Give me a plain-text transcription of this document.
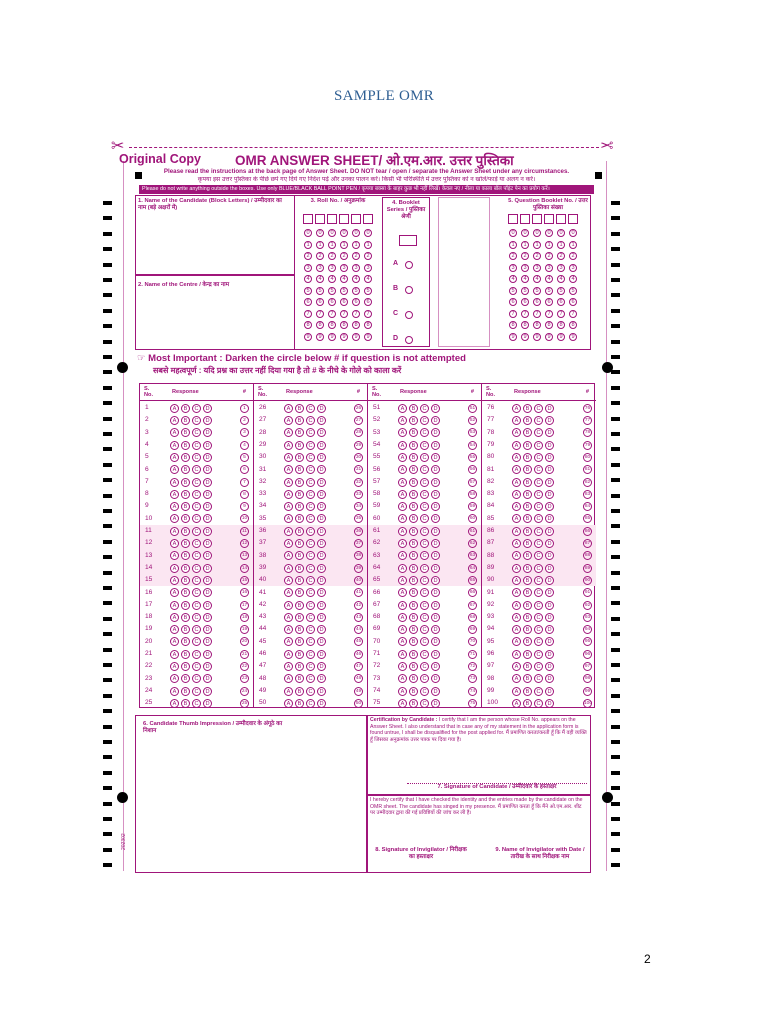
SAMPLE OMR
✂	✂
Original Copy	OMR ANSWER SHEET/ ओ.एम.आर. उत्तर पुस्तिका
Please read the instructions at the back page of Answer Sheet. DO NOT tear / open / separate the Answer Sheet under any circumstances.
कृपया इस उत्तर पुस्तिका के पीछे छपे गए दिये गए निर्देश पढ़ें और उनका पालन करें। किसी भी परिस्थिति में उत्तर पुस्तिका को न खोलें/फाड़ें या अलग न करें।
Please do not write anything outside the boxes. Use only BLUE/BLACK BALL POINT PEN / कृपया बक्सा के बाहर कुछ भी नहीं लिखें। केवल नए / नीला या काला बॉल पॉइंट पेन का प्रयोग करें।
1. Name of the Candidate (Block Letters) / उम्मीदवार का नाम (बड़े अक्षरों में)
2. Name of the Centre / केन्द्र का नाम
3. Roll No. / अनुक्रमांक	4. Booklet Series / पुस्तिका श्रेणी
5. Question Booklet No. / उत्तर पुस्तिका संख्या
☞ Most Important : Darken the circle below # if question is not attempted
सबसे महत्वपूर्ण : यदि प्रश्न का उत्तर नहीं दिया गया है तो # के नीचे के गोले को काला करें
S. No.	Response	#
1	A	B	C	D	1
2	A	B	C	D	2
3	A	B	C	D	3
4	A	B	C	D	4
5	A	B	C	D	5
6	A	B	C	D	6
7	A	B	C	D	7
8	A	B	C	D	8
9	A	B	C	D	9
10	A	B	C	D	10
11	A	B	C	D	11
12	A	B	C	D	12
13	A	B	C	D	13
14	A	B	C	D	14
15	A	B	C	D	15
16	A	B	C	D	16
17	A	B	C	D	17
18	A	B	C	D	18
19	A	B	C	D	19
20	A	B	C	D	20
21	A	B	C	D	21
22	A	B	C	D	22
23	A	B	C	D	23
24	A	B	C	D	24
25	A	B	C	D	25
S. No.	Response	#
26	A	B	C	D	26
27	A	B	C	D	27
28	A	B	C	D	28
29	A	B	C	D	29
30	A	B	C	D	30
31	A	B	C	D	31
32	A	B	C	D	32
33	A	B	C	D	33
34	A	B	C	D	34
35	A	B	C	D	35
36	A	B	C	D	36
37	A	B	C	D	37
38	A	B	C	D	38
39	A	B	C	D	39
40	A	B	C	D	40
41	A	B	C	D	41
42	A	B	C	D	42
43	A	B	C	D	43
44	A	B	C	D	44
45	A	B	C	D	45
46	A	B	C	D	46
47	A	B	C	D	47
48	A	B	C	D	48
49	A	B	C	D	49
50	A	B	C	D	50
S. No.	Response	#
51	A	B	C	D	51
52	A	B	C	D	52
53	A	B	C	D	53
54	A	B	C	D	54
55	A	B	C	D	55
56	A	B	C	D	56
57	A	B	C	D	57
58	A	B	C	D	58
59	A	B	C	D	59
60	A	B	C	D	60
61	A	B	C	D	61
62	A	B	C	D	62
63	A	B	C	D	63
64	A	B	C	D	64
65	A	B	C	D	65
66	A	B	C	D	66
67	A	B	C	D	67
68	A	B	C	D	68
69	A	B	C	D	69
70	A	B	C	D	70
71	A	B	C	D	71
72	A	B	C	D	72
73	A	B	C	D	73
74	A	B	C	D	74
75	A	B	C	D	75
S. No.	Response	#
76	A	B	C	D	76
77	A	B	C	D	77
78	A	B	C	D	78
79	A	B	C	D	79
80	A	B	C	D	80
81	A	B	C	D	81
82	A	B	C	D	82
83	A	B	C	D	83
84	A	B	C	D	84
85	A	B	C	D	85
86	A	B	C	D	86
87	A	B	C	D	87
88	A	B	C	D	88
89	A	B	C	D	89
90	A	B	C	D	90
91	A	B	C	D	91
92	A	B	C	D	92
93	A	B	C	D	93
94	A	B	C	D	94
95	A	B	C	D	95
96	A	B	C	D	96
97	A	B	C	D	97
98	A	B	C	D	98
99	A	B	C	D	99
100	A	B	C	D	100
6. Candidate Thumb Impression / उम्मीदवार के अंगूठे का निशान
Certification by Candidate : I certify that I am the person whose Roll No. appears on the Answer Sheet. I also understand that in case any of my statement in the application form is found untrue, I shall be disqualified for the post applied for. मैं प्रमाणित करता/करती हूँ कि मैं वही व्यक्ति हूँ जिसका अनुक्रमांक उत्तर पत्रक पर दिया गया है।
7. Signature of Candidate / उम्मीदवार के हस्ताक्षर
I hereby certify that I have checked the identity and the entries made by the candidate on the OMR sheet. The candidate has singed in my presence. मैं प्रमाणित करता हूँ कि मैंने ओ.एम.आर. शीट पर उम्मीदवार द्वारा की गई प्रविष्टियों की जांच कर ली है।
8. Signature of Invigilator / निरीक्षक का हस्ताक्षर
9. Name of Invigilator with Date / तारीख के साथ निरीक्षक नाम
202302
0
1
2
3
4
5
6
7
8
9
0
1
2
3
4
5
6
7
8
9
0
1
2
3
4
5
6
7
8
9
0
1
2
3
4
5
6
7
8
9
0
1
2
3
4
5
6
7
8
9
0
1
2
3
4
5
6
7
8
9
0
1
2
3
4
5
6
7
8
9
0
1
2
3
4
5
6
7
8
9
0
1
2
3
4
5
6
7
8
9
0
1
2
3
4
5
6
7
8
9
0
1
2
3
4
5
6
7
8
9
0
1
2
3
4
5
6
7
8
9
A
B
C
D
2
